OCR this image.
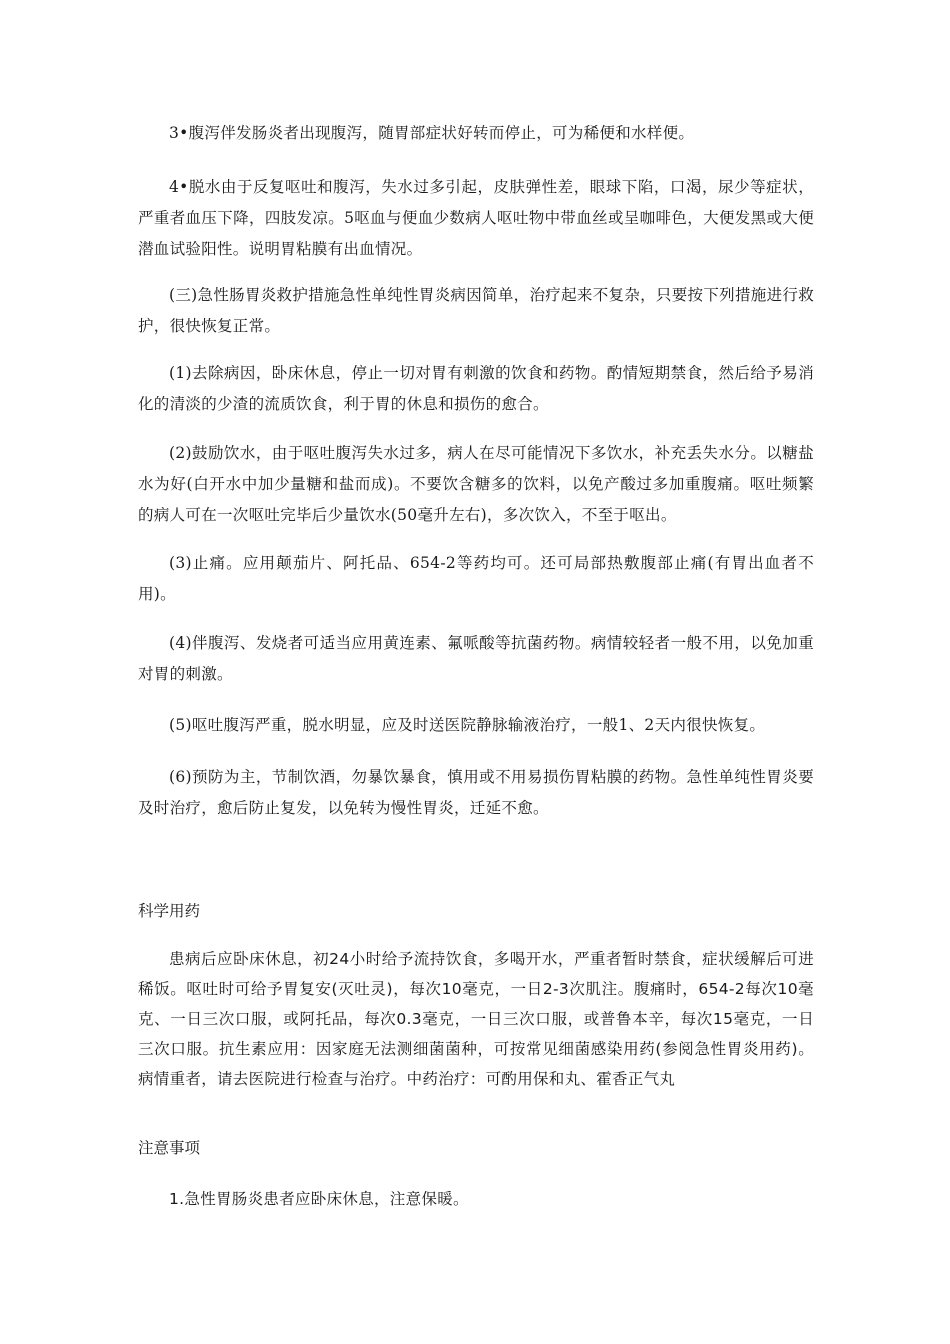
3•腹泻伴发肠炎者出现腹泻，随胃部症状好转而停止，可为稀便和水样便。

4•脱水由于反复呕吐和腹泻，失水过多引起，皮肤弹性差，眼球下陷，口渴，尿少等症状，严重者血压下降，四肢发凉。5呕血与便血少数病人呕吐物中带血丝或呈咖啡色，大便发黑或大便潜血试验阳性。说明胃粘膜有出血情况。

(三)急性肠胃炎救护措施急性单纯性胃炎病因简单，治疗起来不复杂，只要按下列措施进行救护，很快恢复正常。

(1)去除病因，卧床休息，停止一切对胃有刺激的饮食和药物。酌情短期禁食，然后给予易消化的清淡的少渣的流质饮食，利于胃的休息和损伤的愈合。

(2)鼓励饮水，由于呕吐腹泻失水过多，病人在尽可能情况下多饮水，补充丢失水分。以糖盐水为好(白开水中加少量糖和盐而成)。不要饮含糖多的饮料，以免产酸过多加重腹痛。呕吐频繁的病人可在一次呕吐完毕后少量饮水(50毫升左右)，多次饮入，不至于呕出。

(3)止痛。应用颠茄片、阿托品、654-2等药均可。还可局部热敷腹部止痛(有胃出血者不用)。

(4)伴腹泻、发烧者可适当应用黄连素、氟哌酸等抗菌药物。病情较轻者一般不用，以免加重对胃的刺激。

(5)呕吐腹泻严重，脱水明显，应及时送医院静脉输液治疗，一般1、2天内很快恢复。

(6)预防为主，节制饮酒，勿暴饮暴食，慎用或不用易损伤胃粘膜的药物。急性单纯性胃炎要及时治疗，愈后防止复发，以免转为慢性胃炎，迁延不愈。

科学用药

患病后应卧床休息，初24小时给予流持饮食，多喝开水，严重者暂时禁食，症状缓解后可进稀饭。呕吐时可给予胃复安(灭吐灵)，每次10毫克，一日2-3次肌注。腹痛时，654-2每次10毫克、一日三次口服，或阿托品，每次0.3毫克，一日三次口服，或普鲁本辛，每次15毫克，一日三次口服。抗生素应用：因家庭无法测细菌菌种，可按常见细菌感染用药(参阅急性胃炎用药)。病情重者，请去医院进行检查与治疗。中药治疗：可酌用保和丸、霍香正气丸

注意事项

1.急性胃肠炎患者应卧床休息，注意保暖。
